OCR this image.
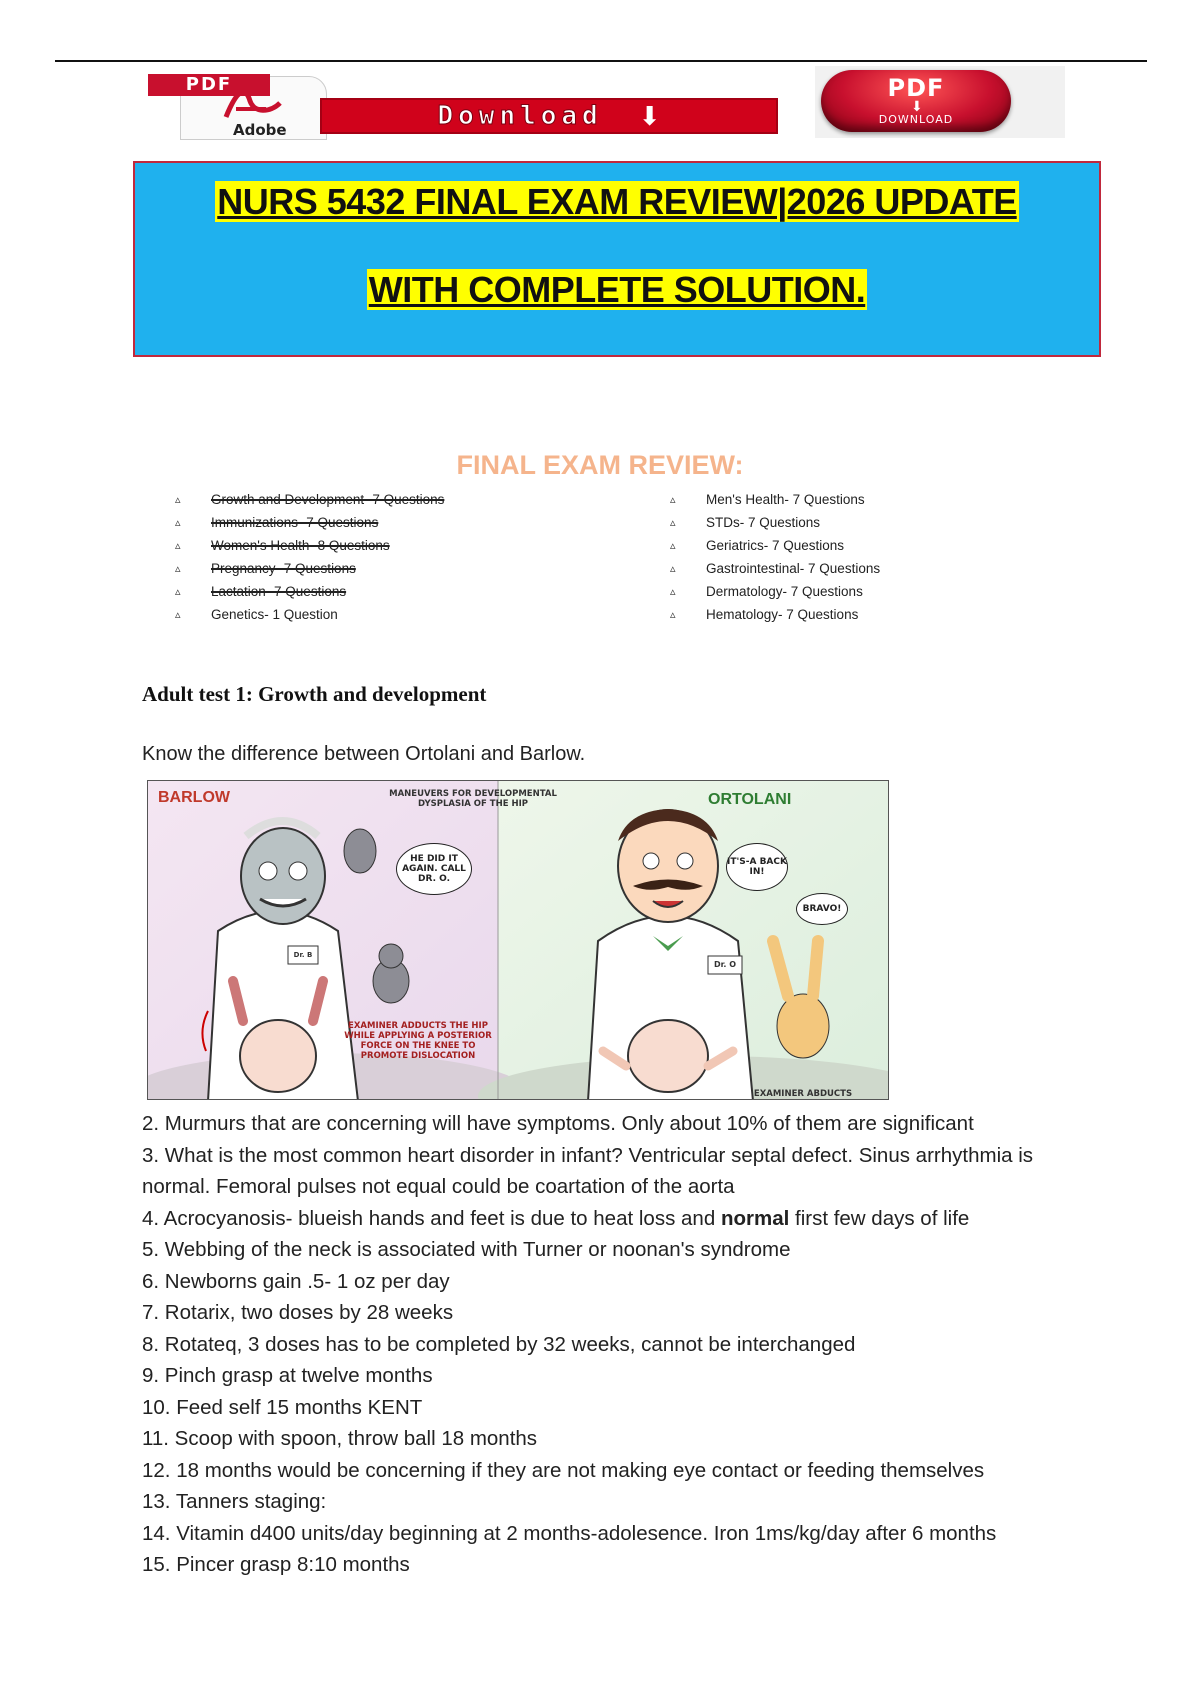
Adobe
PDF
Download ⬇
PDF
⬇
DOWNLOAD
NURS 5432 FINAL EXAM REVIEW|2026 UPDATE
WITH COMPLETE SOLUTION.
FINAL EXAM REVIEW:
▵	Growth and Development- 7 Questions
▵	Immunizations- 7 Questions
▵	Women's Health- 8 Questions
▵	Pregnancy- 7 Questions
▵	Lactation- 7 Questions
▵	Genetics- 1 Question
▵	Men's Health- 7 Questions
▵	STDs- 7 Questions
▵	Geriatrics- 7 Questions
▵	Gastrointestinal- 7 Questions
▵	Dermatology- 7 Questions
▵	Hematology- 7 Questions
Adult test 1: Growth and development
Know the difference between Ortolani and Barlow.
BARLOW	ORTOLANI
MANEUVERS FOR DEVELOPMENTAL DYSPLASIA OF THE HIP
HE DID IT AGAIN. CALL DR. O.
IT'S-A BACK IN!
BRAVO!
EXAMINER ADDUCTS THE HIP WHILE APPLYING A POSTERIOR FORCE ON THE KNEE TO PROMOTE DISLOCATION
EXAMINER ABDUCTS
Dr. B
Dr. O
2. Murmurs that are concerning will have symptoms. Only about 10% of them are significant
3. What is the most common heart disorder in infant? Ventricular septal defect. Sinus arrhythmia is normal. Femoral pulses not equal could be coartation of the aorta
4. Acrocyanosis- blueish hands and feet is due to heat loss and normal first few days of life
5. Webbing of the neck is associated with Turner or noonan's syndrome
6. Newborns gain .5- 1 oz per day
7. Rotarix, two doses by 28 weeks
8. Rotateq, 3 doses has to be completed by 32 weeks, cannot be interchanged
9. Pinch grasp at twelve months
10. Feed self 15 months KENT
11. Scoop with spoon, throw ball 18 months
12. 18 months would be concerning if they are not making eye contact or feeding themselves
13. Tanners staging:
14. Vitamin d400 units/day beginning at 2 months-adolesence. Iron 1ms/kg/day after 6 months
15. Pincer grasp 8:10 months
